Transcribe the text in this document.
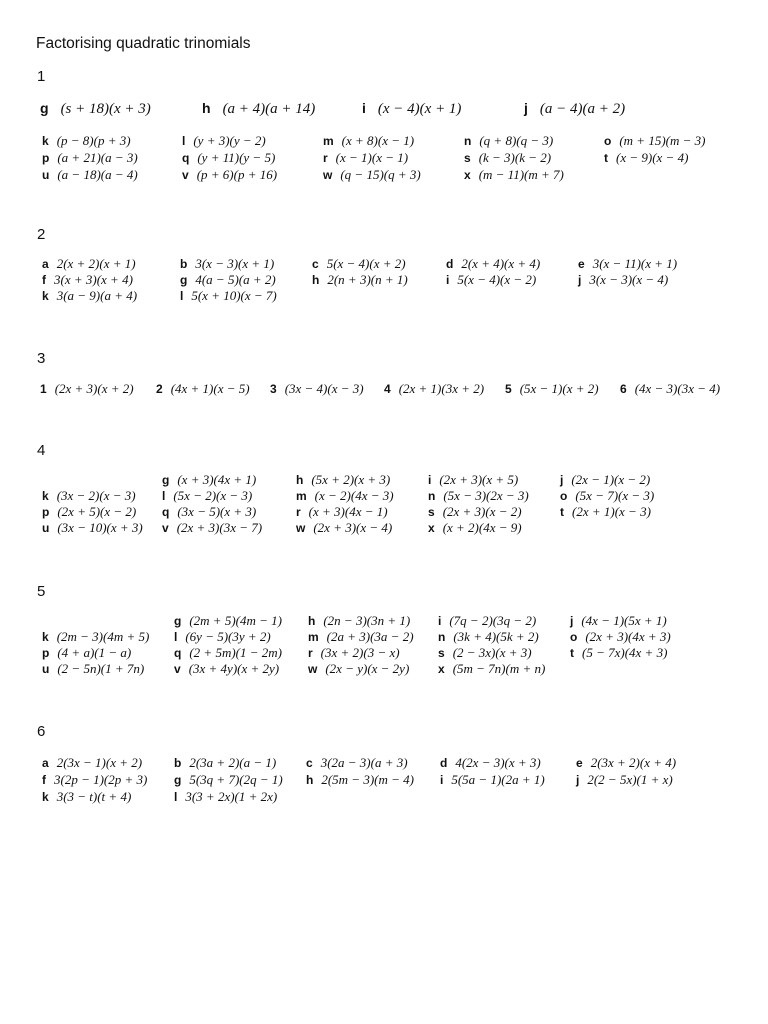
Factorising quadratic trinomials
1
g (s + 18)(x + 3)	h (a + 4)(a + 14)	i (x − 4)(x + 1)	j (a − 4)(a + 2)
k (p − 8)(p + 3)	l (y + 3)(y − 2)	m (x + 8)(x − 1)	n (q + 8)(q − 3)	o (m + 15)(m − 3)
p (a + 21)(a − 3)	q (y + 11)(y − 5)	r (x − 1)(x − 1)	s (k − 3)(k − 2)	t (x − 9)(x − 4)
u (a − 18)(a − 4)	v (p + 6)(p + 16)	w (q − 15)(q + 3)	x (m − 11)(m + 7)
2
a 2(x + 2)(x + 1)	b 3(x − 3)(x + 1)	c 5(x − 4)(x + 2)	d 2(x + 4)(x + 4)	e 3(x − 11)(x + 1)
f 3(x + 3)(x + 4)	g 4(a − 5)(a + 2)	h 2(n + 3)(n + 1)	i 5(x − 4)(x − 2)	j 3(x − 3)(x − 4)
k 3(a − 9)(a + 4)	l 5(x + 10)(x − 7)
3
1 (2x + 3)(x + 2) 2 (4x + 1)(x − 5) 3 (3x − 4)(x − 3) 4 (2x + 1)(3x + 2) 5 (5x − 1)(x + 2) 6 (4x − 3)(3x − 4)
4
g (x + 3)(4x + 1)	h (5x + 2)(x + 3)	i (2x + 3)(x + 5)	j (2x − 1)(x − 2)
k (3x − 2)(x − 3) l (5x − 2)(x − 3)	m (x − 2)(4x − 3)	n (5x − 3)(2x − 3)	o (5x − 7)(x − 3)
p (2x + 5)(x − 2) q (3x − 5)(x + 3)	r (x + 3)(4x − 1)	s (2x + 3)(x − 2)	t (2x + 1)(x − 3)
u (3x − 10)(x + 3) v (2x + 3)(3x − 7)	w (2x + 3)(x − 4)	x (x + 2)(4x − 9)
5
g (2m + 5)(4m − 1) h (2n − 3)(3n + 1) i (7q − 2)(3q − 2)	j (4x − 1)(5x + 1)
k (2m − 3)(4m + 5) l (6y − 5)(3y + 2)	m (2a + 3)(3a − 2) n (3k + 4)(5k + 2)	o (2x + 3)(4x + 3)
p (4 + a)(1 − a)	q (2 + 5m)(1 − 2m) r (3x + 2)(3 − x)	s (2 − 3x)(x + 3)	t (5 − 7x)(4x + 3)
u (2 − 5n)(1 + 7n) v (3x + 4y)(x + 2y) w (2x − y)(x − 2y) x (5m − 7n)(m + n)
6
a 2(3x − 1)(x + 2)	b 2(3a + 2)(a − 1) c 3(2a − 3)(a + 3)	d 4(2x − 3)(x + 3)	e 2(3x + 2)(x + 4)
f 3(2p − 1)(2p + 3) g 5(3q + 7)(2q − 1) h 2(5m − 3)(m − 4) i 5(5a − 1)(2a + 1)	j 2(2 − 5x)(1 + x)
k 3(3 − t)(t + 4)	l 3(3 + 2x)(1 + 2x)
